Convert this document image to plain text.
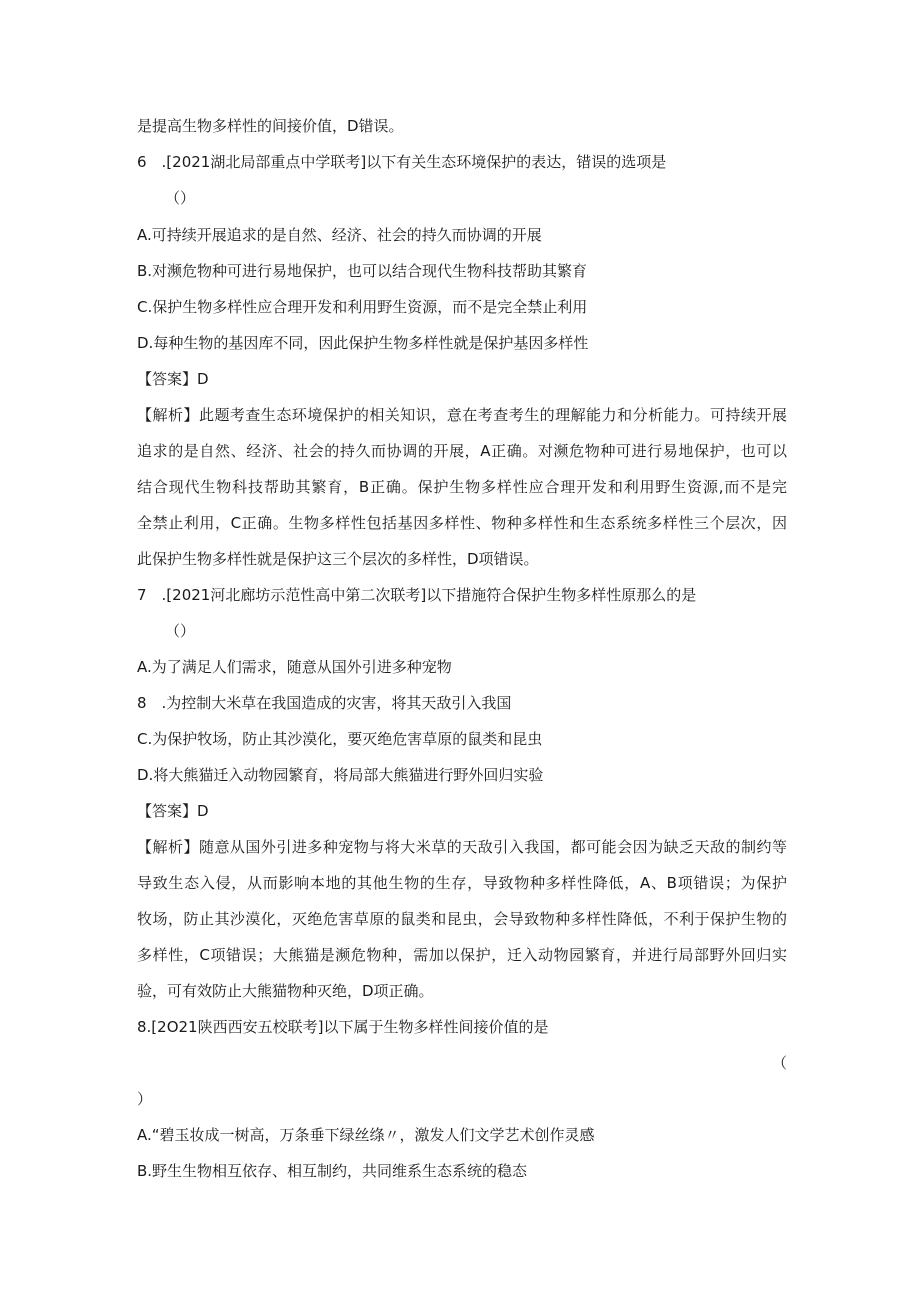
是提高生物多样性的间接价值，D错误。
6　.[2021湖北局部重点中学联考]以下有关生态环境保护的表达，错误的选项是
（）
A.可持续开展追求的是自然、经济、社会的持久而协调的开展
B.对濒危物种可进行易地保护，也可以结合现代生物科技帮助其繁育
C.保护生物多样性应合理开发和利用野生资源，而不是完全禁止利用
D.每种生物的基因库不同，因此保护生物多样性就是保护基因多样性
【答案】D
【解析】此题考查生态环境保护的相关知识，意在考查考生的理解能力和分析能力。可持续开展
追求的是自然、经济、社会的持久而协调的开展，A正确。对濒危物种可进行易地保护，也可以
结合现代生物科技帮助其繁育，B正确。保护生物多样性应合理开发和利用野生资源,而不是完
全禁止利用，C正确。生物多样性包括基因多样性、物种多样性和生态系统多样性三个层次，因
此保护生物多样性就是保护这三个层次的多样性，D项错误。
7　.[2021河北廊坊示范性高中第二次联考]以下措施符合保护生物多样性原那么的是
（）
A.为了满足人们需求，随意从国外引进多种宠物
8　.为控制大米草在我国造成的灾害，将其天敌引入我国
C.为保护牧场，防止其沙漠化，要灭绝危害草原的鼠类和昆虫
D.将大熊猫迁入动物园繁育，将局部大熊猫进行野外回归实验
【答案】D
【解析】随意从国外引进多种宠物与将大米草的天敌引入我国，都可能会因为缺乏天敌的制约等
导致生态入侵，从而影响本地的其他生物的生存，导致物种多样性降低，A、B项错误；为保护
牧场，防止其沙漠化，灭绝危害草原的鼠类和昆虫，会导致物种多样性降低，不利于保护生物的
多样性，C项错误；大熊猫是濒危物种，需加以保护，迁入动物园繁育，并进行局部野外回归实
验，可有效防止大熊猫物种灭绝，D项正确。
8.[2O21陕西西安五校联考]以下属于生物多样性间接价值的是
（
）
A.“碧玉妆成一树高，万条垂下绿丝绦〃，激发人们文学艺术创作灵感
B.野生生物相互依存、相互制约，共同维系生态系统的稳态
